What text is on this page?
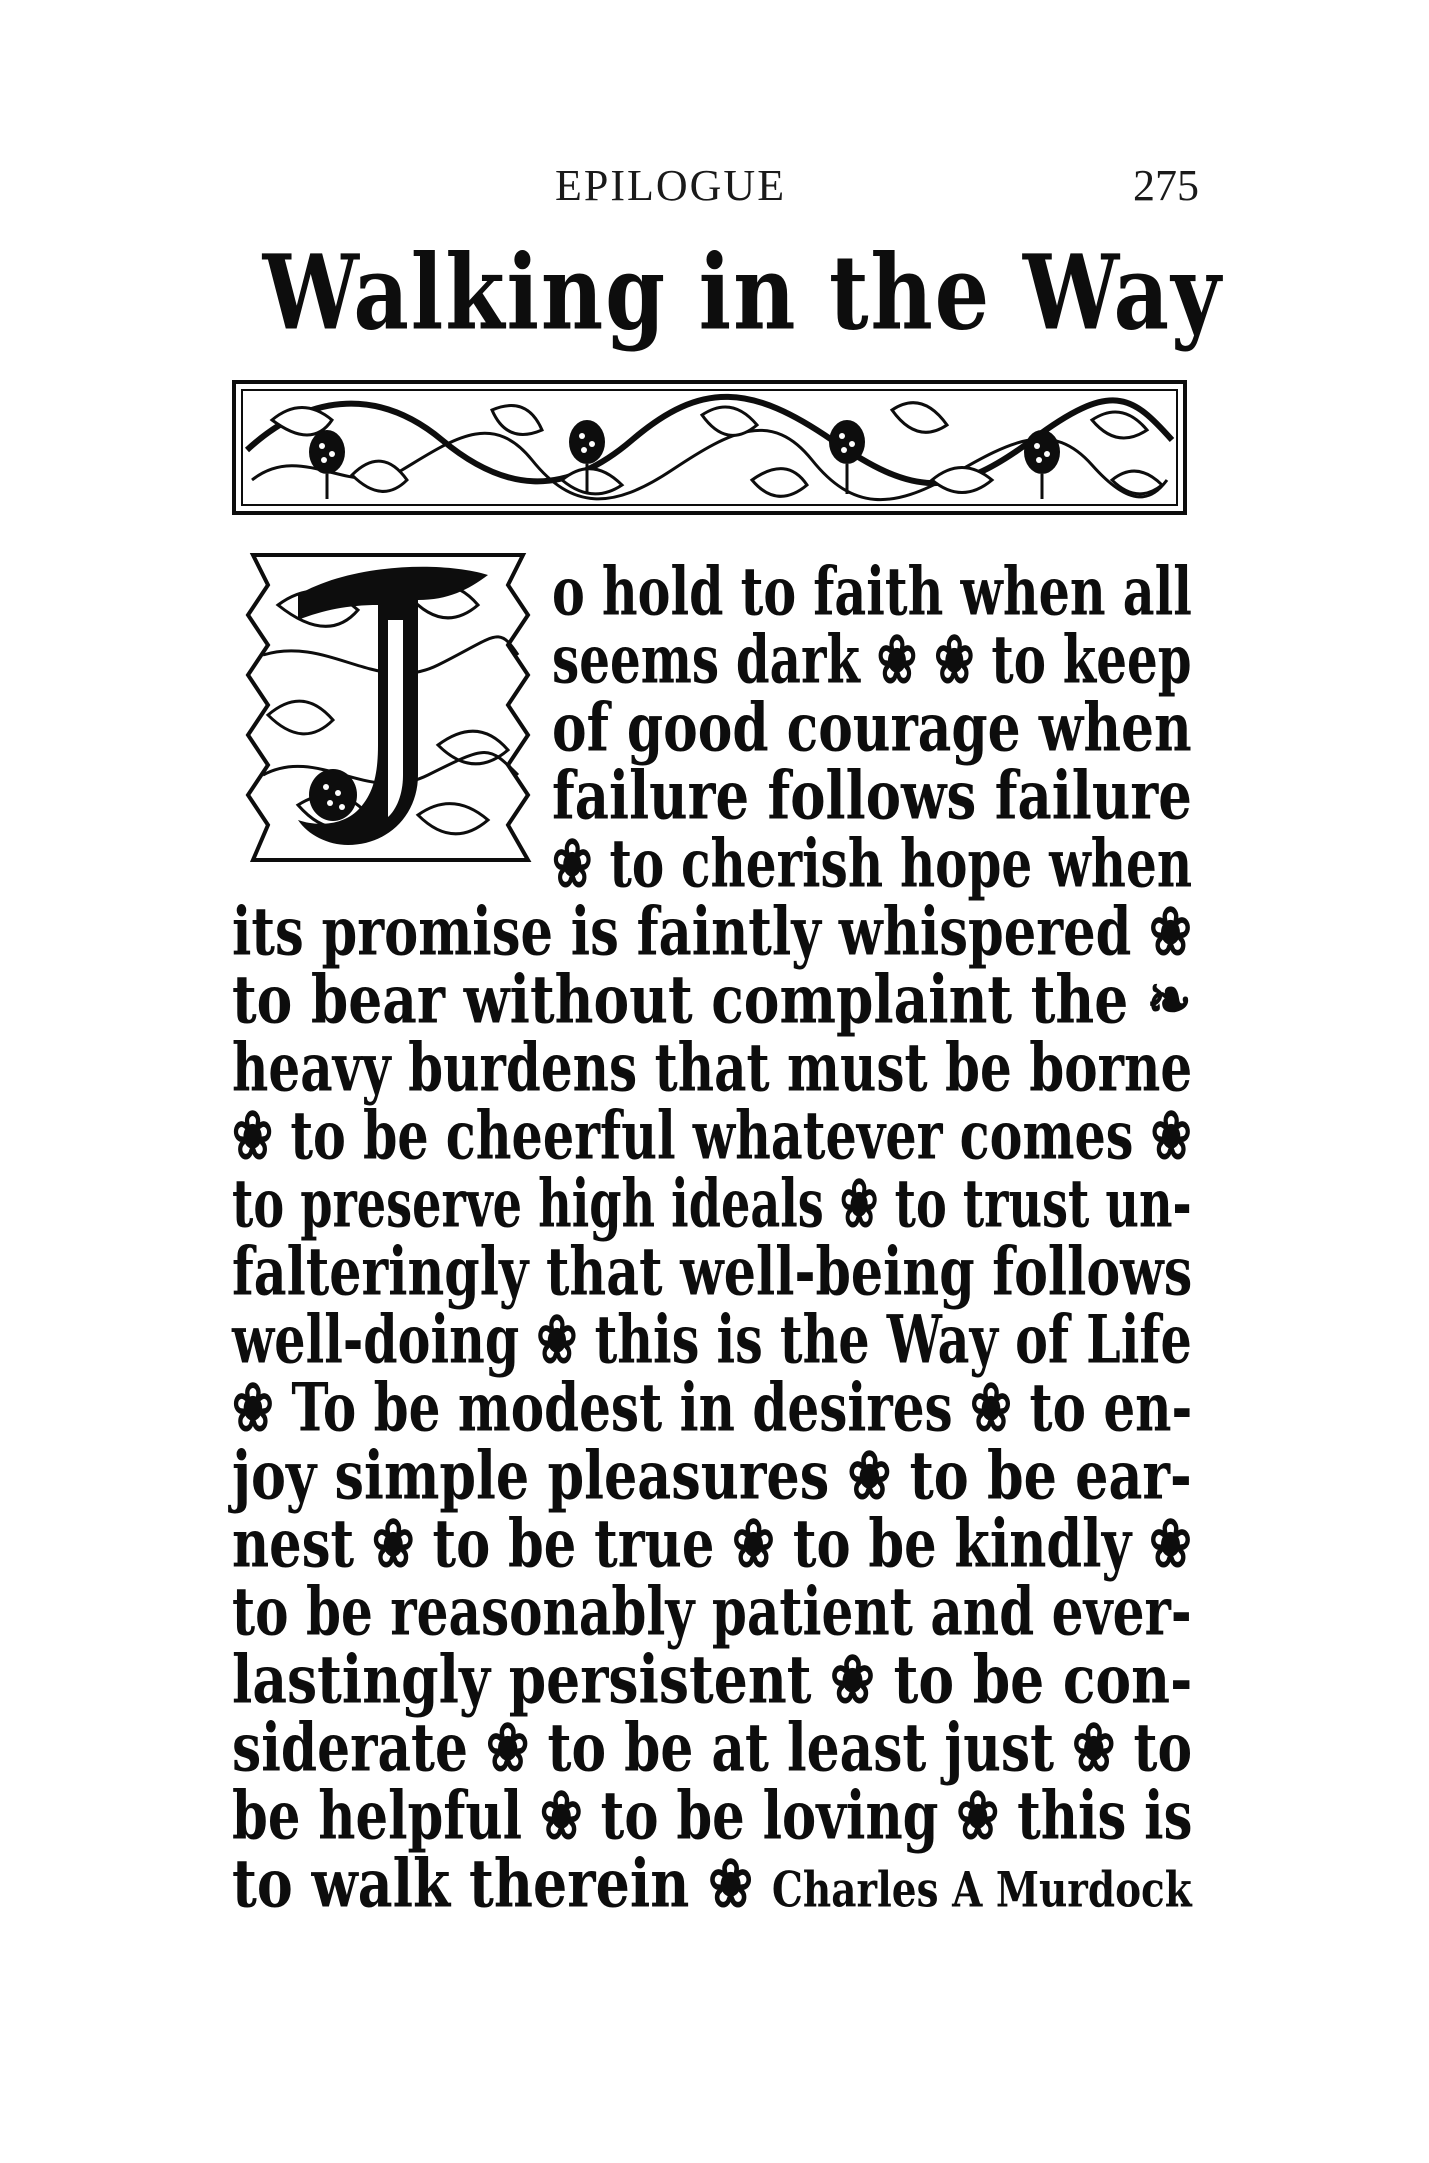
EPILOGUE	275
Walking in the Way
o hold to faith when all
seems dark ❀ ❀ to keep
of good courage when
failure follows failure
❀ to cherish hope when
its promise is faintly whispered ❀
to bear without complaint the ❧
heavy burdens that must be borne
❀ to be cheerful whatever comes ❀
to preserve high ideals ❀ to trust un-
falteringly that well-being follows
well-doing ❀ this is the Way of Life
❀ To be modest in desires ❀ to en-
joy simple pleasures ❀ to be ear-
nest ❀ to be true ❀ to be kindly ❀
to be reasonably patient and ever-
lastingly persistent ❀ to be con-
siderate ❀ to be at least just ❀ to
be helpful ❀ to be loving ❀ this is
to walk therein ❀ Charles A Murdock
